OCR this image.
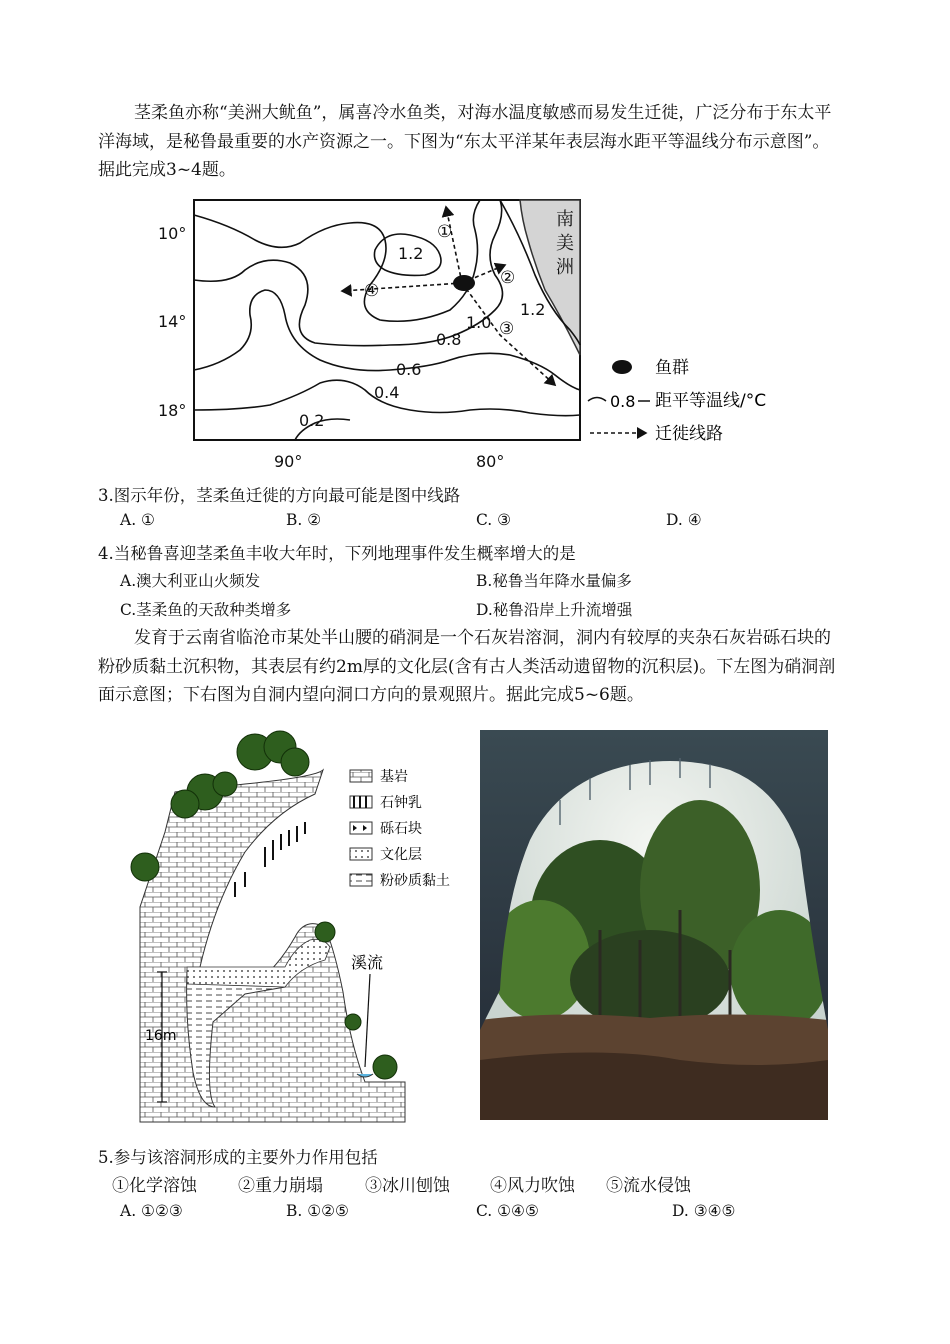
茎柔鱼亦称“美洲大鱿鱼”，属喜冷水鱼类，对海水温度敏感而易发生迁徙，广泛分布于东太平洋海域，是秘鲁最重要的水产资源之一。下图为“东太平洋某年表层海水距平等温线分布示意图”。据此完成3~4题。
1.2
1.2
1.0
0.8
0.6
0.4
0.2
①
②
③
④
南
美
洲
10°
14°
18°
90°	80°
鱼群
0.8 距平等温线/°C
迁徙线路
3.图示年份，茎柔鱼迁徙的方向最可能是图中线路
A. ①	B. ②	C. ③	D. ④
4.当秘鲁喜迎茎柔鱼丰收大年时，下列地理事件发生概率增大的是
A.澳大利亚山火频发	B.秘鲁当年降水量偏多
C.茎柔鱼的天敌种类增多	D.秘鲁沿岸上升流增强
发育于云南省临沧市某处半山腰的硝洞是一个石灰岩溶洞，洞内有较厚的夹杂石灰岩砾石块的粉砂质黏土沉积物，其表层有约2m厚的文化层(含有古人类活动遗留物的沉积层)。下左图为硝洞剖面示意图；下右图为自洞内望向洞口方向的景观照片。据此完成5~6题。
溪流
16m
基岩
石钟乳
砾石块
文化层
粉砂质黏土
5.参与该溶洞形成的主要外力作用包括
①化学溶蚀 ②重力崩塌 ③冰川刨蚀 ④风力吹蚀 ⑤流水侵蚀
A. ①②③	B. ①②⑤	C. ①④⑤	D. ③④⑤
